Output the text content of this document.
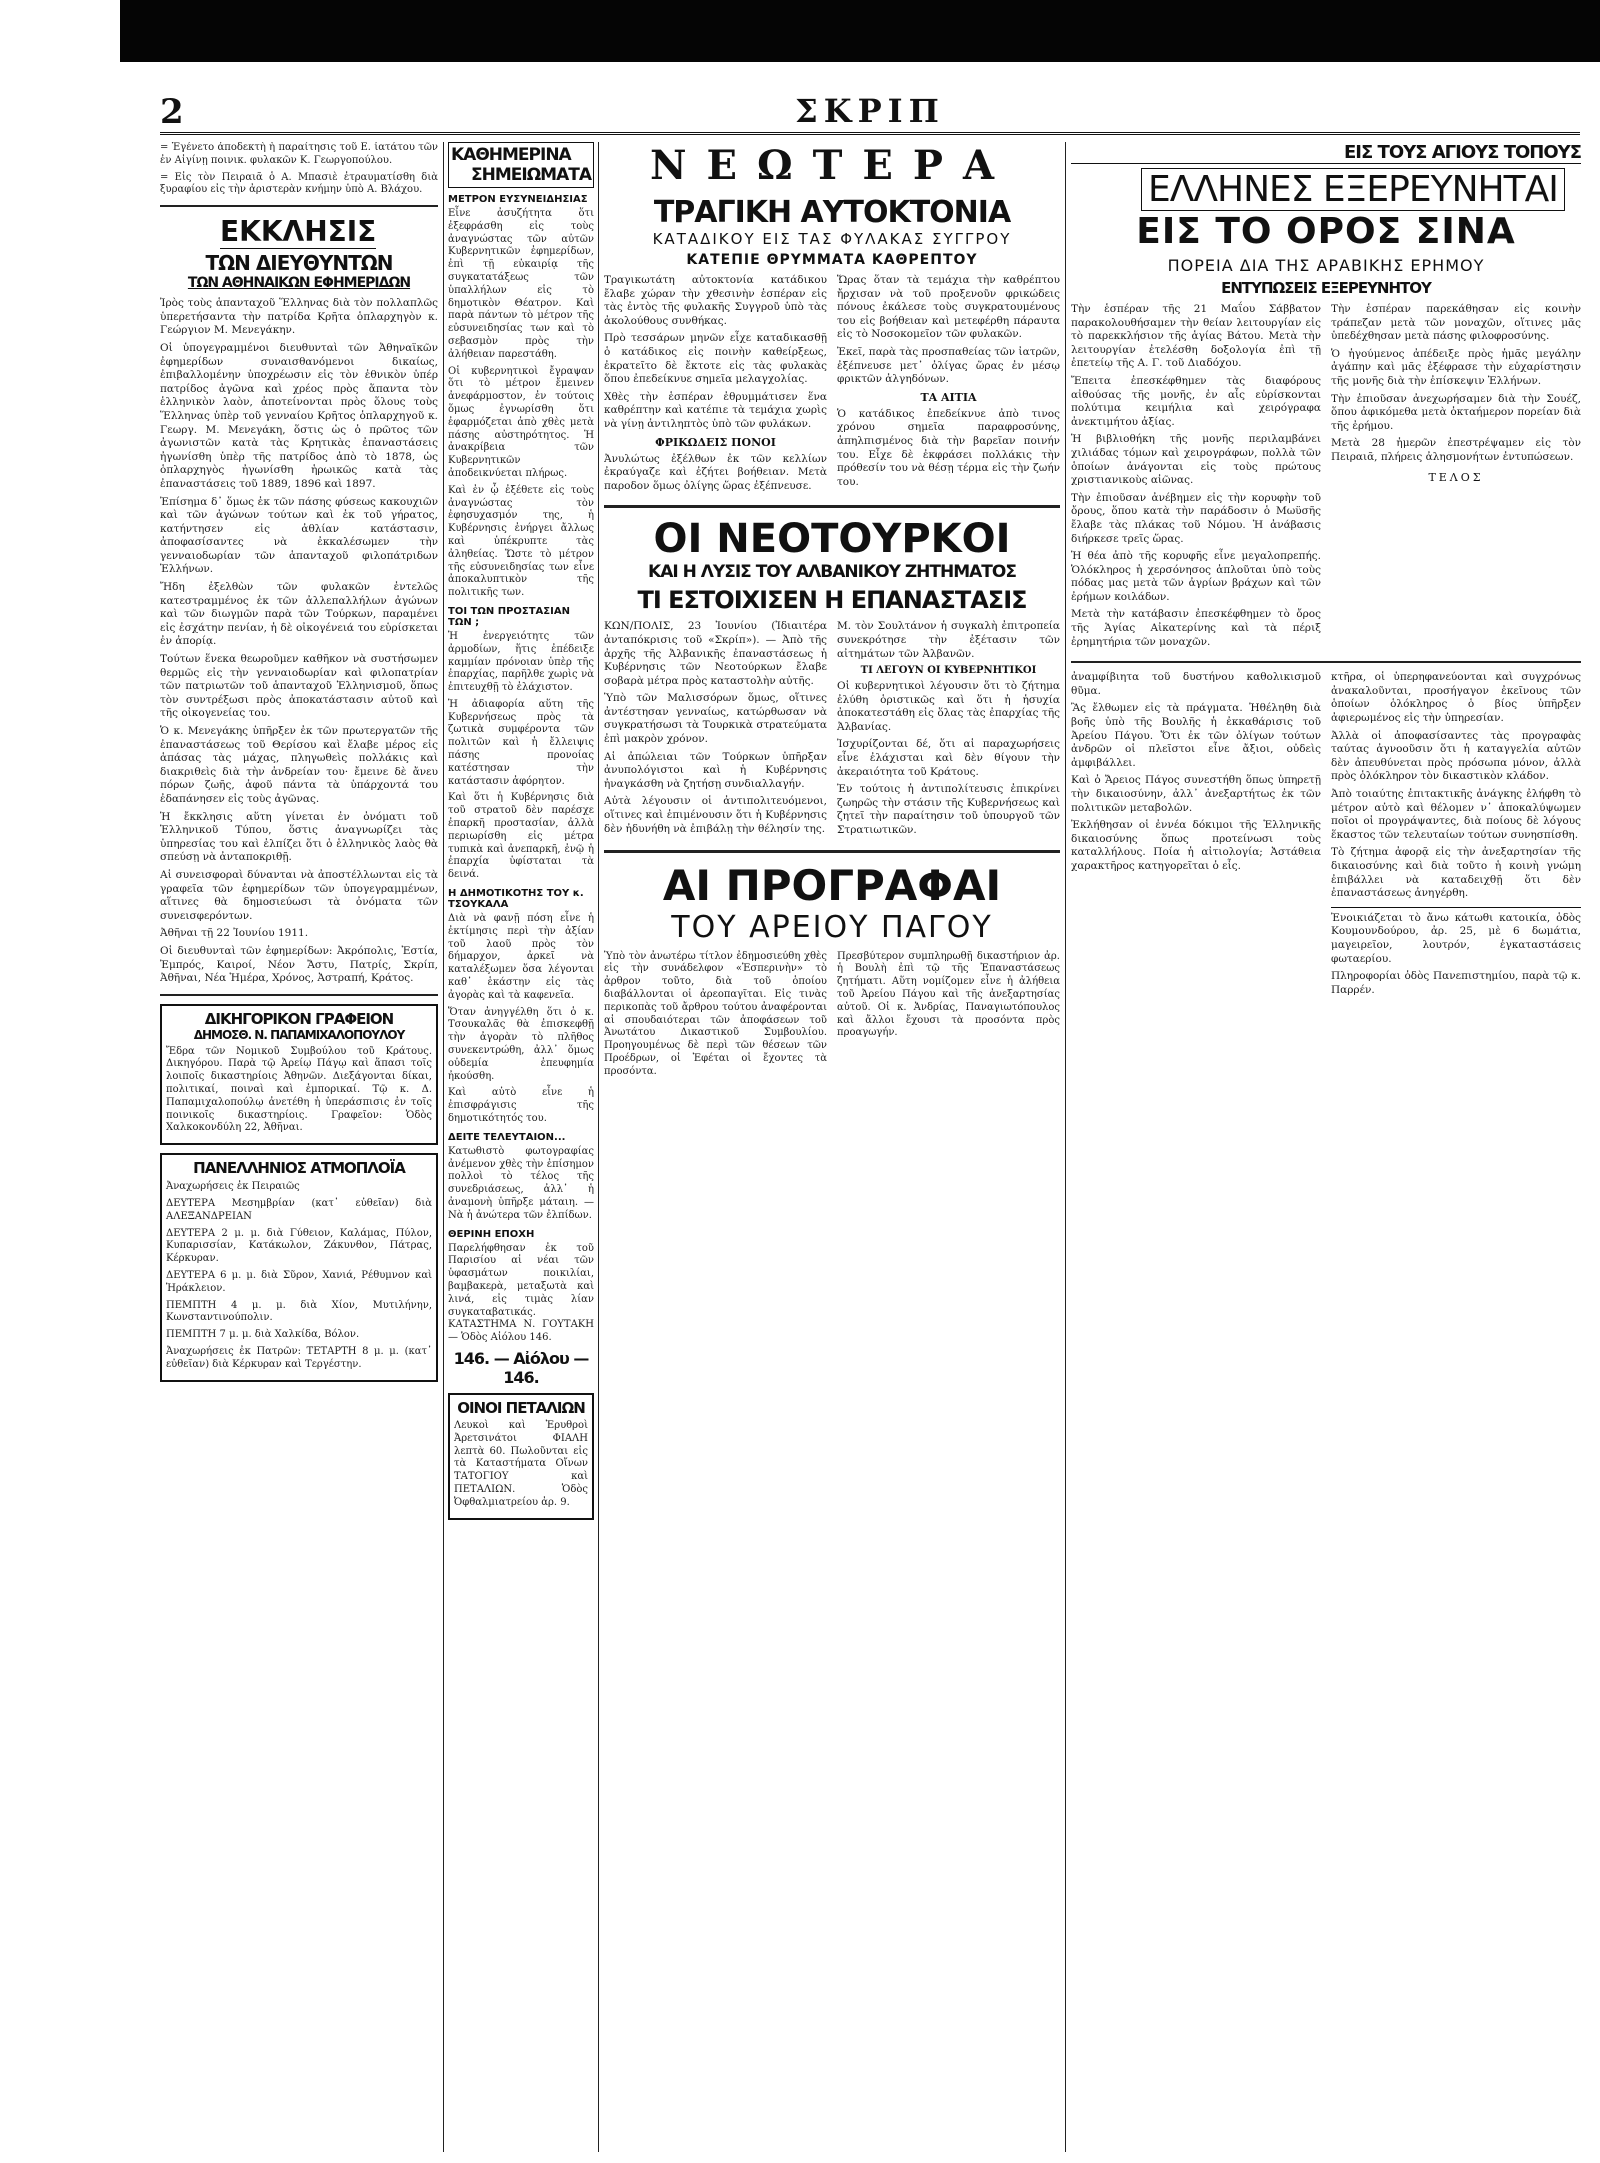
2	ΣΚΡΙΠ

= Ἐγένετο ἀποδεκτὴ ἡ παραίτησις τοῦ Ε. ἰατάτου τῶν ἐν Αἰγίνῃ ποινικ. φυλακῶν Κ. Γεωργοπούλου.

= Εἰς τὸν Πειραιᾶ ὁ Α. Μπασιὲ ἐτραυματίσθη διὰ ξυραφίου εἰς τὴν ἀριστερὰν κνήμην ὑπὸ Α. Βλάχου.

ΕΚΚΛΗΣΙΣ
ΤΩΝ ΔΙΕΥΘΥΝΤΩΝ
ΤΩΝ ΑΘΗΝΑΙΚΩΝ ΕΦΗΜΕΡΙΔΩΝ

Ἰρὸς τοὺς ἁπανταχοῦ Ἕλληνας διὰ τὸν πολλαπλῶς ὑπερετήσαντα τὴν πατρίδα Κρῆτα ὁπλαρχηγὸν κ. Γεώργιον Μ. Μενεγάκην.

Οἱ ὑπογεγραμμένοι διευθυνταὶ τῶν Ἀθηναϊκῶν ἐφημερίδων συναισθανόμενοι δικαίως, ἐπιβαλλομένην ὑποχρέωσιν εἰς τὸν ἐθνικὸν ὑπέρ πατρίδος ἀγῶνα καὶ χρέος πρὸς ἅπαντα τὸν ἑλληνικὸν λαὸν, ἀποτείνονται πρὸς ὅλους τοὺς Ἕλληνας ὑπὲρ τοῦ γενναίου Κρῆτος ὁπλαρχηγοῦ κ. Γεωργ. Μ. Μενεγάκη, ὅστις ὡς ὁ πρῶτος τῶν ἀγωνιστῶν κατὰ τὰς Κρητικὰς ἐπαναστάσεις ἠγωνίσθη ὑπὲρ τῆς πατρίδος ἀπὸ τὸ 1878, ὡς ὁπλαρχηγὸς ἠγωνίσθη ἡρωικῶς κατὰ τὰς ἐπαναστάσεις τοῦ 1889, 1896 καὶ 1897.

Ἐπίσημα δ᾽ ὅμως ἐκ τῶν πάσης φύσεως κακουχιῶν καὶ τῶν ἀγώνων τούτων καὶ ἐκ τοῦ γήρατος, κατήντησεν εἰς ἀθλίαν κατάστασιν, ἀποφασίσαντες νὰ ἐκκαλέσωμεν τὴν γενναιοδωρίαν τῶν ἁπανταχοῦ φιλοπάτριδων Ἑλλήνων.

Ἤδη ἐξελθὼν τῶν φυλακῶν ἐντελῶς κατεστραμμένος ἐκ τῶν ἀλλεπαλλήλων ἀγώνων καὶ τῶν διωγμῶν παρὰ τῶν Τούρκων, παραμένει εἰς ἐσχάτην πενίαν, ἡ δὲ οἰκογένειά του εὑρίσκεται ἐν ἀπορίᾳ.

Τούτων ἕνεκα θεωροῦμεν καθῆκον νὰ συστήσωμεν θερμῶς εἰς τὴν γενναιοδωρίαν καὶ φιλοπατρίαν τῶν πατριωτῶν τοῦ ἁπανταχοῦ Ἑλληνισμοῦ, ὅπως τὸν συντρέξωσι πρὸς ἀποκατάστασιν αὐτοῦ καὶ τῆς οἰκογενείας του.

Ὁ κ. Μενεγάκης ὑπῆρξεν ἐκ τῶν πρωτεργατῶν τῆς ἐπαναστάσεως τοῦ Θερίσου καὶ ἔλαβε μέρος εἰς ἁπάσας τὰς μάχας, πληγωθεὶς πολλάκις καὶ διακριθεὶς διὰ τὴν ἀνδρείαν του· ἔμεινε δὲ ἄνευ πόρων ζωῆς, ἀφοῦ πάντα τὰ ὑπάρχοντά του ἐδαπάνησεν εἰς τοὺς ἀγῶνας.

Ἡ ἔκκλησις αὕτη γίνεται ἐν ὀνόματι τοῦ Ἑλληνικοῦ Τύπου, ὅστις ἀναγνωρίζει τὰς ὑπηρεσίας του καὶ ἐλπίζει ὅτι ὁ ἑλληνικὸς λαὸς θὰ σπεύσῃ νὰ ἀνταποκριθῇ.

Αἱ συνεισφοραὶ δύνανται νὰ ἀποστέλλωνται εἰς τὰ γραφεῖα τῶν ἐφημερίδων τῶν ὑπογεγραμμένων, αἵτινες θὰ δημοσιεύωσι τὰ ὀνόματα τῶν συνεισφερόντων.

Ἀθῆναι τῇ 22 Ἰουνίου 1911.

Οἱ διευθυνταὶ τῶν ἐφημερίδων: Ἀκρόπολις, Ἐστία, Ἐμπρός, Καιροί, Νέον Ἄστυ, Πατρίς, Σκρίπ, Ἀθῆναι, Νέα Ἡμέρα, Χρόνος, Ἀστραπή, Κράτος.

ΔΙΚΗΓΟΡΙΚΟΝ ΓΡΑΦΕΙΟΝ
ΔΗΜΟΣΘ. Ν. ΠΑΠΑΜΙΧΑΛΟΠΟΥΛΟΥ

Ἔδρα τῶν Νομικοῦ Συμβούλου τοῦ Κράτους. Δικηγόρου. Παρὰ τῷ Ἀρείῳ Πάγῳ καὶ ἅπασι τοῖς λοιποῖς δικαστηρίοις Ἀθηνῶν. Διεξάγονται δίκαι, πολιτικαί, ποιναὶ καὶ ἐμπορικαί. Τῷ κ. Δ. Παπαμιχαλοπούλῳ ἀνετέθη ἡ ὑπεράσπισις ἐν τοῖς ποινικοῖς δικαστηρίοις. Γραφεῖον: Ὁδὸς Χαλκοκονδύλη 22, Ἀθῆναι.

ΠΑΝΕΛΛΗΝΙΟΣ ΑΤΜΟΠΛΟΪΑ

Ἀναχωρήσεις ἐκ Πειραιῶς

ΔΕΥΤΕΡΑ Μεσημβρίαν (κατ᾽ εὐθεῖαν) διὰ ΑΛΕΞΑΝΔΡΕΙΑΝ

ΔΕΥΤΕΡΑ 2 μ. μ. διὰ Γύθειον, Καλάμας, Πύλον, Κυπαρισσίαν, Κατάκωλον, Ζάκυνθον, Πάτρας, Κέρκυραν.

ΔΕΥΤΕΡΑ 6 μ. μ. διὰ Σῦρον, Χανιά, Ρέθυμνον καὶ Ἡράκλειον.

ΠΕΜΠΤΗ 4 μ. μ. διὰ Χίον, Μυτιλήνην, Κωνσταντινούπολιν.

ΠΕΜΠΤΗ 7 μ. μ. διὰ Χαλκίδα, Βόλον.

Ἀναχωρήσεις ἐκ Πατρῶν: ΤΕΤΑΡΤΗ 8 μ. μ. (κατ᾽ εὐθεῖαν) διὰ Κέρκυραν καὶ Τεργέστην.

ΚΑΘΗΜΕΡΙΝΑ
ΣΗΜΕΙΩΜΑΤΑ
ΜΕΤΡΟΝ ΕΥΣΥΝΕΙΔΗΣΙΑΣ

Εἶνε ἀσυζήτητα ὅτι ἐξεφράσθη εἰς τοὺς ἀναγνώστας τῶν αὐτῶν Κυβερνητικῶν ἐφημερίδων, ἐπὶ τῇ εὐκαιρίᾳ τῆς συγκατατάξεως τῶν ὑπαλλήλων εἰς τὸ δημοτικὸν Θέατρον. Καὶ παρὰ πάντων τὸ μέτρον τῆς εὐσυνειδησίας των καὶ τὸ σεβασμὸν πρὸς τὴν ἀλήθειαν παρεστάθη.

Οἱ κυβερνητικοὶ ἔγραψαν ὅτι τὸ μέτρον ἔμεινεν ἀνεφάρμοστον, ἐν τούτοις ὅμως ἐγνωρίσθη ὅτι ἐφαρμόζεται ἀπὸ χθὲς μετὰ πάσης αὐστηρότητος. Ἡ ἀνακρίβεια τῶν Κυβερνητικῶν ἀποδεικνύεται πλήρως.

Καὶ ἐν ᾧ ἐξέθετε εἰς τοὺς ἀναγνώστας τὸν ἐφησυχασμόν της, ἡ Κυβέρνησις ἐνήργει ἄλλως καὶ ὑπέκρυπτε τὰς ἀληθείας. Ὥστε τὸ μέτρον τῆς εὐσυνειδησίας των εἶνε ἀποκαλυπτικὸν τῆς πολιτικῆς των.

ΤΟΙ ΤΩΝ ΠΡΟΣΤΑΣΙΑΝ ΤΩΝ ;

Ἡ ἐνεργειότητς τῶν ἀρμοδίων, ἥτις ἐπέδειξε καμμίαν πρόνοιαν ὑπὲρ τῆς ἐπαρχίας, παρῆλθε χωρὶς νὰ ἐπιτευχθῇ τὸ ἐλάχιστον.

Ἡ ἀδιαφορία αὕτη τῆς Κυβερνήσεως πρὸς τὰ ζωτικὰ συμφέροντα τῶν πολιτῶν καὶ ἡ ἔλλειψις πάσης προνοίας κατέστησαν τὴν κατάστασιν ἀφόρητον.

Καὶ ὅτι ἡ Κυβέρνησις διὰ τοῦ στρατοῦ δὲν παρέσχε ἐπαρκῆ προστασίαν, ἀλλὰ περιωρίσθη εἰς μέτρα τυπικὰ καὶ ἀνεπαρκῆ, ἐνῷ ἡ ἐπαρχία ὑφίσταται τὰ δεινά.

Η ΔΗΜΟΤΙΚΟΤΗΣ ΤΟΥ κ. ΤΣΟΥΚΑΛΑ

Διὰ νὰ φανῇ πόση εἶνε ἡ ἐκτίμησις περὶ τὴν ἀξίαν τοῦ λαοῦ πρὸς τὸν δήμαρχον, ἀρκεῖ νὰ καταλέξωμεν ὅσα λέγονται καθ᾽ ἑκάστην εἰς τὰς ἀγορὰς καὶ τὰ καφενεῖα.

Ὅταν ἀνηγγέλθη ὅτι ὁ κ. Τσουκαλᾶς θὰ ἐπισκεφθῇ τὴν ἀγορὰν τὸ πλῆθος συνεκεντρώθη, ἀλλ᾽ ὅμως οὐδεμία ἐπευφημία ἠκούσθη.

Καὶ αὐτὸ εἶνε ἡ ἐπισφράγισις τῆς δημοτικότητός του.

ΔΕΙΤΕ ΤΕΛΕΥΤΑΙΟΝ...

Κατωθιστὸ φωτογραφίας ἀνέμενον χθὲς τὴν ἐπίσημον πολλοὶ τὸ τέλος τῆς συνεδριάσεως, ἀλλ᾽ ἡ ἀναμονὴ ὑπῆρξε μάταιη. — Νὰ ἡ ἀνώτερα τῶν ἐλπίδων.

ΘΕΡΙΝΗ ΕΠΟΧΗ

Παρελήφθησαν ἐκ τοῦ Παρισίου αἱ νέαι τῶν ὑφασμάτων ποικιλίαι, βαμβακερὰ, μεταξωτὰ καὶ λινά, εἰς τιμὰς λίαν συγκαταβατικάς. ΚΑΤΑΣΤΗΜΑ Ν. ΓΟΥΤΑΚΗ — Ὁδὸς Αἰόλου 146.

146. — Αἰόλου — 146.
ΟΙΝΟΙ ΠΕΤΑΛΙΩΝ

Λευκοὶ καὶ Ἐρυθροὶ Ἀρετσινάτοι ΦΙΑΛΗ λεπτὰ 60. Πωλοῦνται εἰς τὰ Καταστήματα Οἴνων ΤΑΤΟΓΙΟΥ καὶ ΠΕΤΑΛΙΩΝ. Ὁδὸς Ὀφθαλμιατρείου ἀρ. 9.

ΝΕΩΤΕΡΑ
ΤΡΑΓΙΚΗ ΑΥΤΟΚΤΟΝΙΑ
ΚΑΤΑΔΙΚΟΥ ΕΙΣ ΤΑΣ ΦΥΛΑΚΑΣ ΣΥΓΓΡΟΥ
ΚΑΤΕΠΙΕ ΘΡΥΜΜΑΤΑ ΚΑΘΡΕΠΤΟΥ

Τραγικωτάτη αὐτοκτονία κατάδικου ἔλαβε χώραν τὴν χθεσινὴν ἑσπέραν εἰς τὰς ἐντὸς τῆς φυλακῆς Συγγροῦ ὑπὸ τὰς ἀκολούθους συνθήκας.

Πρὸ τεσσάρων μηνῶν εἶχε καταδικασθῇ ὁ κατάδικος εἰς ποινὴν καθείρξεως, ἐκρατεῖτο δὲ ἔκτοτε εἰς τὰς φυλακὰς ὅπου ἐπεδείκνυε σημεῖα μελαγχολίας.

Χθὲς τὴν ἑσπέραν ἐθρυμμάτισεν ἕνα καθρέπτην καὶ κατέπιε τὰ τεμάχια χωρὶς νὰ γίνῃ ἀντιληπτὸς ὑπὸ τῶν φυλάκων.

ΦΡΙΚΩΔΕΙΣ ΠΟΝΟΙ

Ἀνυλώτως ἐξέλθων ἐκ τῶν κελλίων ἐκραύγαζε καὶ ἐζήτει βοήθειαν. Μετὰ παροδον ὅμως ὀλίγης ὥρας ἐξέπνευσε.

Ὥρας ὅταν τὰ τεμάχια τὴν καθρέπτου ἤρχισαν νὰ τοῦ προξενοῦν φρικώδεις πόνους ἐκάλεσε τοὺς συγκρατουμένους του εἰς βοήθειαν καὶ μετεφέρθη πάραυτα εἰς τὸ Νοσοκομεῖον τῶν φυλακῶν.

Ἐκεῖ, παρὰ τὰς προσπαθείας τῶν ἰατρῶν, ἐξέπνευσε μετ᾽ ὀλίγας ὥρας ἐν μέσῳ φρικτῶν ἀλγηδόνων.

ΤΑ ΑΙΤΙΑ

Ὁ κατάδικος ἐπεδείκνυε ἀπὸ τινος χρόνου σημεῖα παραφροσύνης, ἀπηλπισμένος διὰ τὴν βαρεῖαν ποινήν του. Εἶχε δὲ ἐκφράσει πολλάκις τὴν πρόθεσίν του νὰ θέσῃ τέρμα εἰς τὴν ζωήν του.

ΟΙ ΝΕΟΤΟΥΡΚΟΙ
ΚΑΙ Η ΛΥΣΙΣ ΤΟΥ ΑΛΒΑΝΙΚΟΥ ΖΗΤΗΜΑΤΟΣ
ΤΙ ΕΣΤΟΙΧΙΣΕΝ Η ΕΠΑΝΑΣΤΑΣΙΣ

ΚΩΝ/ΠΟΛΙΣ, 23 Ἰουνίου (Ἰδιαιτέρα ἀνταπόκρισις τοῦ «Σκρίπ»). — Ἀπὸ τῆς ἀρχῆς τῆς Ἀλβανικῆς ἐπαναστάσεως ἡ Κυβέρνησις τῶν Νεοτούρκων ἔλαβε σοβαρὰ μέτρα πρὸς καταστολὴν αὐτῆς.

Ὑπὸ τῶν Μαλισσόρων ὅμως, οἵτινες ἀντέστησαν γενναίως, κατώρθωσαν νὰ συγκρατήσωσι τὰ Τουρκικὰ στρατεύματα ἐπὶ μακρὸν χρόνον.

Αἱ ἀπώλειαι τῶν Τούρκων ὑπῆρξαν ἀνυπολόγιστοι καὶ ἡ Κυβέρνησις ἠναγκάσθη νὰ ζητήσῃ συνδιαλλαγήν.

Αὐτὰ λέγουσιν οἱ ἀντιπολιτευόμενοι, οἵτινες καὶ ἐπιμένουσιν ὅτι ἡ Κυβέρνησις δὲν ἠδυνήθη νὰ ἐπιβάλῃ τὴν θέλησίν της.

Μ. τὸν Σουλτάνον ἡ συγκαλὴ ἐπιτροπεία συνεκρότησε τὴν ἐξέτασιν τῶν αἰτημάτων τῶν Ἀλβανῶν.

ΤΙ ΛΕΓΟΥΝ ΟΙ ΚΥΒΕΡΝΗΤΙΚΟΙ

Οἱ κυβερνητικοὶ λέγουσιν ὅτι τὸ ζήτημα ἐλύθη ὁριστικῶς καὶ ὅτι ἡ ἡσυχία ἀποκατεστάθη εἰς ὅλας τὰς ἐπαρχίας τῆς Ἀλβανίας.

Ἰσχυρίζονται δέ, ὅτι αἱ παραχωρήσεις εἶνε ἐλάχισται καὶ δὲν θίγουν τὴν ἀκεραιότητα τοῦ Κράτους.

Ἐν τούτοις ἡ ἀντιπολίτευσις ἐπικρίνει ζωηρῶς τὴν στάσιν τῆς Κυβερνήσεως καὶ ζητεῖ τὴν παραίτησιν τοῦ ὑπουργοῦ τῶν Στρατιωτικῶν.

ΑΙ ΠΡΟΓΡΑΦΑΙ
ΤΟΥ ΑΡΕΙΟΥ ΠΑΓΟΥ

Ὑπὸ τὸν ἀνωτέρω τίτλον ἐδημοσιεύθη χθὲς εἰς τὴν συνάδελφον «Ἑσπερινὴν» τὸ ἀρθρον τοῦτο, διὰ τοῦ ὁποίου διαβάλλονται οἱ ἀρεοπαγῖται. Εἰς τινὰς περικοπὰς τοῦ ἄρθρου τούτου ἀναφέρονται αἱ σπουδαιότεραι τῶν ἀποφάσεων τοῦ Ἀνωτάτου Δικαστικοῦ Συμβουλίου. Προηγουμένως δὲ περὶ τῶν θέσεων τῶν Προέδρων, οἱ Ἐφέται οἱ ἔχοντες τὰ προσόντα.

Πρεσβύτερον συμπληρωθῇ δικαστήριον ἀρ. ἡ Βουλὴ ἐπὶ τῷ τῆς Ἐπαναστάσεως ζητήματι. Αὕτη νομίζομεν εἶνε ἡ ἀλήθεια τοῦ Ἀρείου Πάγου καὶ τῆς ἀνεξαρτησίας αὐτοῦ. Οἱ κ. Ἀνδρίας, Παναγιωτόπουλος καὶ ἄλλοι ἔχουσι τὰ προσόντα πρὸς προαγωγήν.

ΕΙΣ ΤΟΥΣ ΑΓΙΟΥΣ ΤΟΠΟΥΣ
ΕΛΛΗΝΕΣ ΕΞΕΡΕΥΝΗΤΑΙ
ΕΙΣ ΤΟ ΟΡΟΣ ΣΙΝΑ
ΠΟΡΕΙΑ ΔΙΑ ΤΗΣ ΑΡΑΒΙΚΗΣ ΕΡΗΜΟΥ
ΕΝΤΥΠΩΣΕΙΣ ΕΞΕΡΕΥΝΗΤΟΥ

Τὴν ἑσπέραν τῆς 21 Μαΐου Σάββατον παρακολουθήσαμεν τὴν θείαν λειτουργίαν εἰς τὸ παρεκκλήσιον τῆς ἁγίας Βάτου. Μετὰ τὴν λειτουργίαν ἐτελέσθη δοξολογία ἐπὶ τῇ ἐπετείῳ τῆς Α. Γ. τοῦ Διαδόχου.

Ἔπειτα ἐπεσκέφθημεν τὰς διαφόρους αἰθούσας τῆς μονῆς, ἐν αἷς εὑρίσκονται πολύτιμα κειμήλια καὶ χειρόγραφα ἀνεκτιμήτου ἀξίας.

Ἡ βιβλιοθήκη τῆς μονῆς περιλαμβάνει χιλιάδας τόμων καὶ χειρογράφων, πολλὰ τῶν ὁποίων ἀνάγονται εἰς τοὺς πρώτους χριστιανικοὺς αἰῶνας.

Τὴν ἐπιοῦσαν ἀνέβημεν εἰς τὴν κορυφὴν τοῦ ὄρους, ὅπου κατὰ τὴν παράδοσιν ὁ Μωϋσῆς ἔλαβε τὰς πλάκας τοῦ Νόμου. Ἡ ἀνάβασις διήρκεσε τρεῖς ὥρας.

Ἡ θέα ἀπὸ τῆς κορυφῆς εἶνε μεγαλοπρεπής. Ὁλόκληρος ἡ χερσόνησος ἁπλοῦται ὑπὸ τοὺς πόδας μας μετὰ τῶν ἀγρίων βράχων καὶ τῶν ἐρήμων κοιλάδων.

Μετὰ τὴν κατάβασιν ἐπεσκέφθημεν τὸ ὄρος τῆς Ἁγίας Αἰκατερίνης καὶ τὰ πέριξ ἐρημητήρια τῶν μοναχῶν.

Τὴν ἑσπέραν παρεκάθησαν εἰς κοινὴν τράπεζαν μετὰ τῶν μοναχῶν, οἵτινες μᾶς ὑπεδέχθησαν μετὰ πάσης φιλοφροσύνης.

Ὁ ἡγούμενος ἀπέδειξε πρὸς ἡμᾶς μεγάλην ἀγάπην καὶ μᾶς ἐξέφρασε τὴν εὐχαρίστησιν τῆς μονῆς διὰ τὴν ἐπίσκεψιν Ἑλλήνων.

Τὴν ἐπιοῦσαν ἀνεχωρήσαμεν διὰ τὴν Σουέζ, ὅπου ἀφικόμεθα μετὰ ὀκταήμερον πορείαν διὰ τῆς ἐρήμου.

Μετὰ 28 ἡμερῶν ἐπεστρέψαμεν εἰς τὸν Πειραιᾶ, πλήρεις ἀλησμονήτων ἐντυπώσεων.

ΤΕΛΟΣ

ἀναμφίβιητα τοῦ δυστήνου καθολικισμοῦ θῦμα.

Ἂς ἔλθωμεν εἰς τὰ πράγματα. Ἠθέληθη διὰ βοῆς ὑπὸ τῆς Βουλῆς ἡ ἐκκαθάρισις τοῦ Ἀρείου Πάγου. Ὅτι ἐκ τῶν ὀλίγων τούτων ἀνδρῶν οἱ πλεῖστοι εἶνε ἄξιοι, οὐδεὶς ἀμφιβάλλει.

Καὶ ὁ Ἄρειος Πάγος συνεστήθη ὅπως ὑπηρετῇ τὴν δικαιοσύνην, ἀλλ᾽ ἀνεξαρτήτως ἐκ τῶν πολιτικῶν μεταβολῶν.

Ἐκλήθησαν οἱ ἐννέα δόκιμοι τῆς Ἑλληνικῆς δικαιοσύνης ὅπως προτείνωσι τοὺς καταλλήλους. Ποία ἡ αἰτιολογία; Ἀστάθεια χαρακτῆρος κατηγορεῖται ὁ εἷς.

κτῆρα, οἱ ὑπερηφανεύονται καὶ συγχρόνως ἀνακαλοῦνται, προσήγαγον ἐκεῖνους τῶν ὁποίων ὁλόκληρος ὁ βίος ὑπῆρξεν ἀφιερωμένος εἰς τὴν ὑπηρεσίαν.

Ἀλλὰ οἱ ἀποφασίσαντες τὰς προγραφὰς ταύτας ἀγνοοῦσιν ὅτι ἡ καταγγελία αὐτῶν δὲν ἀπευθύνεται πρὸς πρόσωπα μόνον, ἀλλὰ πρὸς ὁλόκληρον τὸν δικαστικὸν κλάδον.

Ἀπὸ τοιαύτης ἐπιτακτικῆς ἀνάγκης ἐλήφθη τὸ μέτρον αὐτὸ καὶ θέλομεν ν᾽ ἀποκαλύψωμεν ποῖοι οἱ προγράψαντες, διὰ ποίους δὲ λόγους ἕκαστος τῶν τελευταίων τούτων συνησπίσθη.

Τὸ ζήτημα ἀφορᾷ εἰς τὴν ἀνεξαρτησίαν τῆς δικαιοσύνης καὶ διὰ τοῦτο ἡ κοινὴ γνώμη ἐπιβάλλει νὰ καταδειχθῇ ὅτι δὲν ἐπαναστάσεως ἀνηγέρθη.

Ἐνοικιάζεται τὸ ἄνω κάτωθι κατοικία, ὁδὸς Κουμουνδούρου, ἀρ. 25, μὲ 6 δωμάτια, μαγειρεῖον, λουτρόν, ἐγκαταστάσεις φωταερίου.

Πληροφορίαι ὁδὸς Πανεπιστημίου, παρὰ τῷ κ. Παρρέν.
